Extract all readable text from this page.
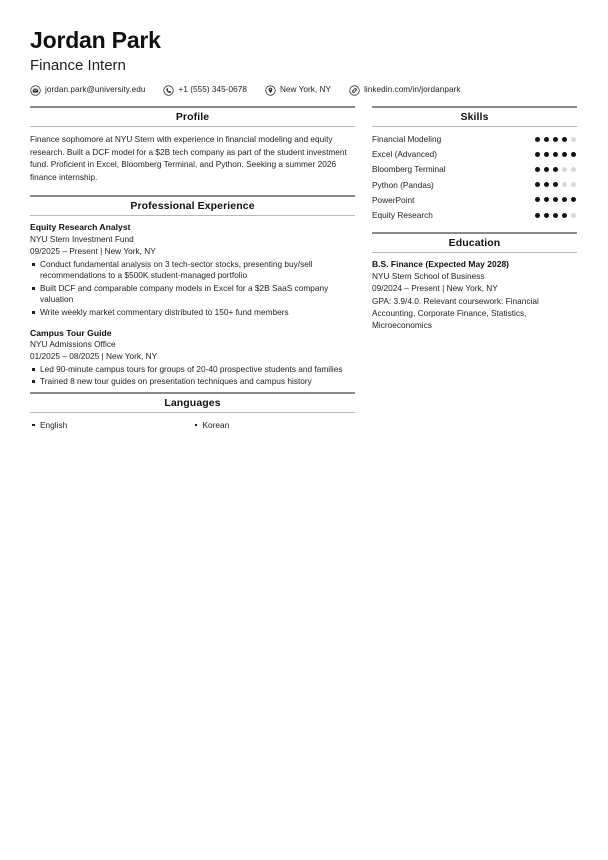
Jordan Park
Finance Intern
jordan.park@university.edu	+1 (555) 345-0678	New York, NY	linkedin.com/in/jordanpark
Profile
Finance sophomore at NYU Stern with experience in financial modeling and equity research. Built a DCF model for a $2B tech company as part of the student investment fund. Proficient in Excel, Bloomberg Terminal, and Python. Seeking a summer 2026 finance internship.
Professional Experience
Equity Research Analyst
NYU Stern Investment Fund
09/2025 – Present | New York, NY
Conduct fundamental analysis on 3 tech-sector stocks, presenting buy/sell recommendations to a $500K student-managed portfolio
Built DCF and comparable company models in Excel for a $2B SaaS company valuation
Write weekly market commentary distributed to 150+ fund members
Campus Tour Guide
NYU Admissions Office
01/2025 – 08/2025 | New York, NY
Led 90-minute campus tours for groups of 20-40 prospective students and families
Trained 8 new tour guides on presentation techniques and campus history
Languages
English	Korean
Skills
Financial Modeling
Excel (Advanced)
Bloomberg Terminal
Python (Pandas)
PowerPoint
Equity Research
Education
B.S. Finance (Expected May 2028)
NYU Stern School of Business
09/2024 – Present | New York, NY
GPA: 3.9/4.0. Relevant coursework: Financial Accounting, Corporate Finance, Statistics, Microeconomics
